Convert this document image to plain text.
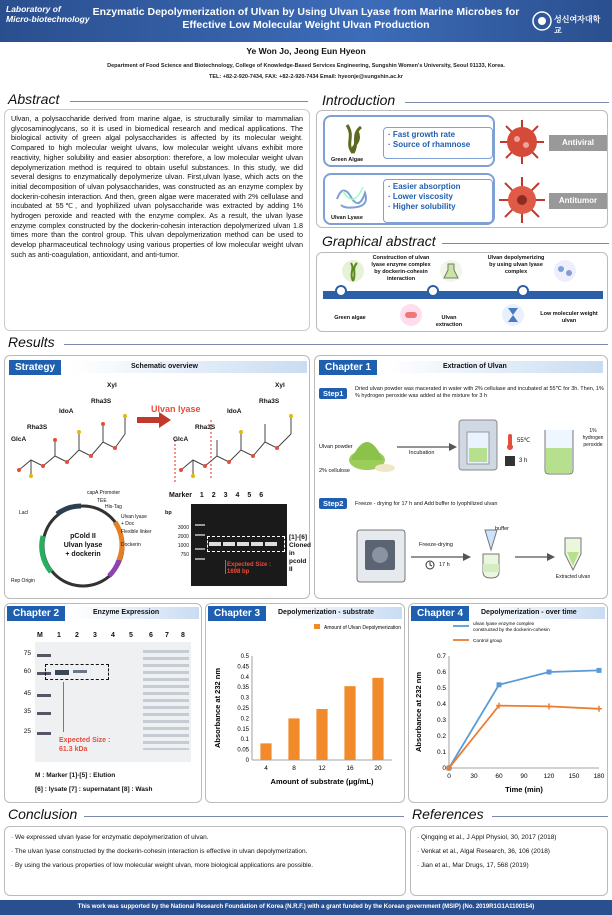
Laboratory of
Micro-biotechnology
Enzymatic Depolymerization of Ulvan by Using Ulvan Lyase from Marine Microbes for Effective Low Molecular Weight Ulvan Production	성신여자대학교
Ye Won Jo, Jeong Eun Hyeon
Department of Food Science and Biotechnology, College of Knowledge-Based Services Engineering, Sungshin Women's University, Seoul 01133, Korea.
TEL: +82-2-920-7434, FAX: +82-2-920-7434 Email: hyeonje@sungshin.ac.kr
Abstract
Ulvan, a polysaccharide derived from marine algae, is structurally similar to mammalian glycosaminoglycans, so it is used in biomedical research and medical applications. The biological activity of green algal polysaccharides is affected by its molecular weight. Compared to high molecular weight ulvans, low molecular weight ulvans exhibit more reactivity, higher solubility and easier absorption: therefore, a low molecular weight ulvan depolymerization method is required to obtain useful substances. In this study, we did several designs to enzymatically depolymerize ulvan. First,ulvan lyase, which acts on the initial decomposition of ulvan polysaccharides, was constructed as an enzyme complex by dockerin-cohesin interaction. And then, green algae were macerated with 2% cellulase and incubated at 55℃, and lyophilized ulvan polysaccharide was extracted by adding 1% hydrogen peroxide and reacted with the enzyme complex. As a result, the ulvan lyase enzyme complex constructed by the dockerin-cohesin interaction depolymerized ulvan 1.8 times more than the control group. This ulvan depolymerization method can be used to develop pharmaceutical technology using various properties of low molecular weight ulvan such as anti-coagulation, antioxidant, and anti-tumor.
Introduction
Green Algae
· Fast growth rate
· Source of rhamnose	Antiviral
Ulvan Lyase
· Easier absorption
· Lower viscosity
· Higher solubility
Antitumor
Graphical abstract
Construction of ulvan lyase enzyme complex by dockerin-cohesin interaction
Ulvan depolymerizing by using ulvan lyase complex
Green algae	Ulvan extraction
Low moleculer weight ulvan
Results
Strategy	Schematic overview
Xyl
Rha3S
IdoA
Rha3S
GlcA
Ulvan lyase
Xyl
Rha3S
IdoA
Rha3S
GlcA
pCold II
Ulvan lyase
+ dockerin
LacI
capA Promoter
TEE
His-Tag
Ulvan lyase
+ Doc
Flexible linker
Dockerin
Rep Origin
Marker 1 2 3 4 5 6
bp
3000
2000
1000
750
[1]-[6] Cloned in pcold II
Expected Size : 1698 bp
Chapter 1	Extraction of Ulvan
Step1	Dried ulvan powder was macerated in water with 2% cellulase and incubated at 55℃ for 3h. Then, 1% % hydrogen peroxide was added at the mixture for 3 h
Ulvan powder
2% cellulose
Incubation
55℃
3 h
1% hydrogen peroxide
Step2	Freeze - drying for 17 h and Add buffer to lyophilized ulvan
Freeze-drying
17 h
buffer
Extracted ulvan
Chapter 2	Enzyme Expression
M 1 2 3 4 5 6 7 8
75
60
45
35
25
Expected Size : 61.3 kDa
M : Marker [1]-[5] : Elution
[6] : lysate [7] : supernatant [8] : Wash
Chapter 3	Depolymerization - substrate
0
0.05
0.1
0.15
0.2
0.25
0.3
0.35
0.4
0.45
0.5
4	8	12	16	20
Amount of substrate (μg/mL)
Absorbance at 232 nm
Amount of Ulvan Depolymerization
Chapter 4	Depolymerization - over time
0
0.1
0.2
0.3
0.4
0.5
0.6
0.7
0	30	60	90 120 150 180
ulvan lyase enzyme complex
constructed by the dockerin-cohesin
Control group
Time (min)
Absorbance at 232 nm
Conclusion
· We expressed ulvan lyase for enzymatic depolymerization of ulvan.
· The ulvan lyase constructed by the dockerin-cohesin interaction is effective in ulvan depolymerization.
· By using the various properties of low molecular weight ulvan, more biological applications are possible.
References
· Qingqing et al., J Appl Physiol, 30, 2017 (2018)
· Venkat et al., Algal Research, 36, 106 (2018)
· Jian et al., Mar Drugs, 17, 568 (2019)
This work was supported by the National Research Foundation of Korea (N.R.F.) with a grant funded by the Korean government (MSIP) (No. 2019R1G1A1100154)
